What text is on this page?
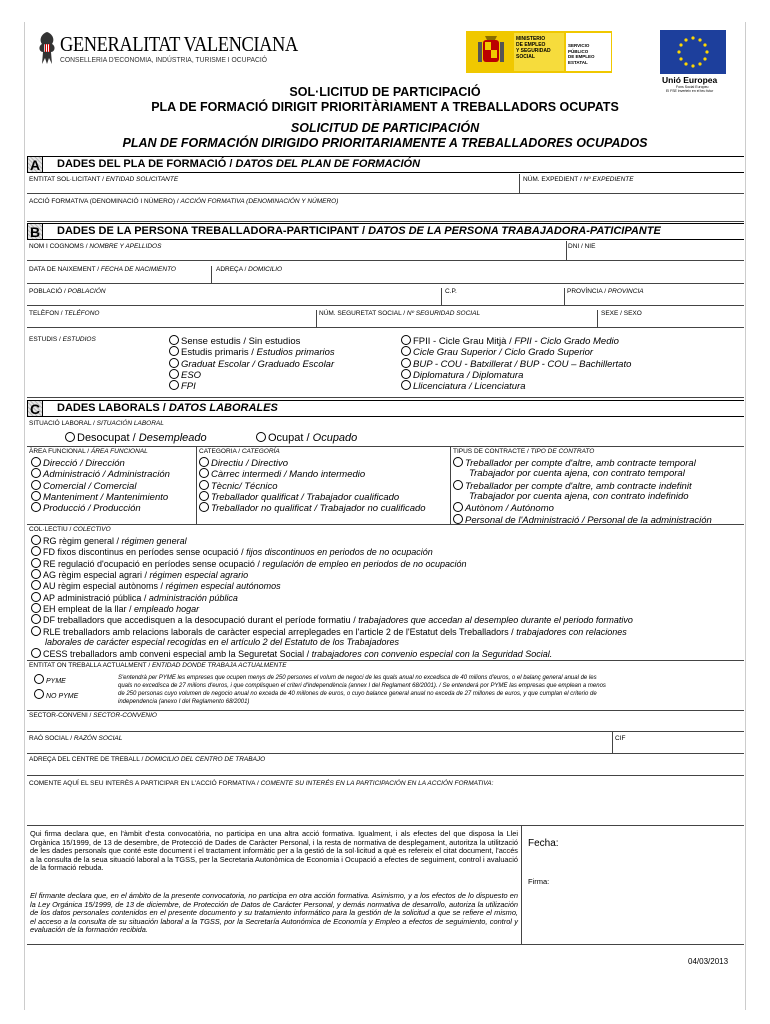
GENERALITAT VALENCIANA
CONSELLERIA D'ECONOMIA, INDÚSTRIA, TURISME I OCUPACIÓ
MINISTERIO
DE EMPLEO
Y SEGURIDAD SOCIAL
SERVICIO PÚBLICO
DE EMPLEO ESTATAL
Unió Europea
Fons Social Europeu
El FSE inverteix en el teu futur
SOL·LICITUD DE PARTICIPACIÓ
PLA DE FORMACIÓ DIRIGIT PRIORITÀRIAMENT A TREBALLADORS OCUPATS
SOLICITUD DE PARTICIPACIÓN
PLAN DE FORMACIÓN DIRIGIDO PRIORITARIAMENTE A TREBALLADORES OCUPADOS
A DADES DEL PLA DE FORMACIÓ / DATOS DEL PLAN DE FORMACIÓN
ENTITAT SOL·LICITANT / ENTIDAD SOLICITANTE	NÚM. EXPEDIENT / Nº EXPEDIENTE
ACCIÓ FORMATIVA (DENOMINACIÓ I NÚMERO) / ACCIÓN FORMATIVA (DENOMINACIÓN Y NÚMERO)
B DADES DE LA PERSONA TREBALLADORA-PARTICIPANT / DATOS DE LA PERSONA TRABAJADORA-PATICIPANTE
NOM I COGNOMS / NOMBRE Y APELLIDOS	DNI / NIE
DATA DE NAIXEMENT / FECHA DE NACIMIENTO	ADREÇA / DOMICILIO
POBLACIÓ / POBLACIÓN	C.P.	PROVÍNCIA / PROVINCIA
TELÈFON / TELÉFONO	NÚM. SEGURETAT SOCIAL / Nº SEGURIDAD SOCIAL	SEXE / SEXO
ESTUDIS / ESTUDIOS	Sense estudis / Sin estudios
Estudis primaris / Estudios primarios
Graduat Escolar / Graduado Escolar
ESO
FPI
FPII - Cicle Grau Mitjà / FPII - Ciclo Grado Medio
Cicle Grau Superior / Ciclo Grado Superior
BUP - COU - Batxillerat / BUP - COU – Bachillertato
Diplomatura / Diplomatura
Llicenciatura / Licenciatura
C DADES LABORALS / DATOS LABORALES
SITUACIÓ LABORAL / SITUACIÓN LABORAL
Desocupat / Desempleado	Ocupat / Ocupado
ÀREA FUNCIONAL / ÁREA FUNCIONAL	CATEGORIA / CATEGORÍA	TIPUS DE CONTRACTE / TIPO DE CONTRATO
Direcció / Dirección
Administració / Administración
Comercial / Comercial
Manteniment / Mantenimiento
Producció / Producción
Directiu / Directivo
Càrrec intermedi / Mando intermedio
Tècnic/ Técnico
Treballador qualificat / Trabajador cualificado
Treballador no qualificat / Trabajador no cualificado
Treballador per compte d'altre, amb contracte temporal
Trabajador por cuenta ajena, con contrato temporal
Treballador per compte d'altre, amb contracte indefinit
Trabajador por cuenta ajena, con contrato indefinido
Autònom / Autónomo
Personal de l'Administració / Personal de la administración
COL·LECTIU / COLECTIVO
RG règim general / régimen general
FD fixos discontinus en períodes sense ocupació / fijos discontinuos en periodos de no ocupación
RE regulació d'ocupació en períodes sense ocupació / regulación de empleo en periodos de no ocupación
AG règim especial agrari / régimen especial agrario
AU règim especial autònoms / régimen especial autónomos
AP administració pública / administración pública
EH empleat de la llar / empleado hogar
DF treballadors que accedisquen a la desocupació durant el període formatiu / trabajadores que accedan al desempleo durante el periodo formativo
RLE treballadors amb relacions laborals de caràcter especial arreplegades en l'article 2 de l'Estatut dels Treballadors / trabajadores con relaciones
laborales de carácter especial recogidas en el artículo 2 del Estatuto de los Trabajadores
CESS treballadors amb conveni especial amb la Seguretat Social / trabajadores con convenio especial con la Seguridad Social.
ENTITAT ON TREBALLA ACTUALMENT / ENTIDAD DONDE TRABAJA ACTUALMENTE
PYME
NO PYME
S'entendrà per PYME les empreses que ocupen menys de 250 persones el volum de negoci de les quals anual no excedisca de 40 milions d'euros, o el balanç general anual de les
quals no excedisca de 27 milions d'euros, i que complisquen el criteri d'independència (annex I del Reglament 68/2001). / Se entenderá por PYME las empresas que emplean a menos
de 250 personas cuyo volumen de negocio anual no exceda de 40 millones de euros, o cuyo balance general anual no exceda de 27 millones de euros, y que cumplan el criterio de
independencia (anexo I del Reglamento 68/2001)
SECTOR-CONVENI / SECTOR-CONVENIO
RAÓ SOCIAL / RAZÓN SOCIAL	CIF
ADREÇA DEL CENTRE DE TREBALL / DOMICILIO DEL CENTRO DE TRABAJO
COMENTE AQUÍ EL SEU INTERÈS A PARTICIPAR EN L'ACCIÓ FORMATIVA / COMENTE SU INTERÉS EN LA PARTICIPACIÓN EN LA ACCIÓN FORMATIVA:
Qui firma declara que, en l'àmbit d'esta convocatòria, no participa en una altra acció formativa. Igualment, i als efectes del que disposa la Llei Orgànica 15/1999, de 13 de desembre, de Protecció de Dades de Caràcter Personal, i la resta de normativa de desplegament, autoritza la utilització de les dades personals que conté este document i el tractament informàtic per a la gestió de la sol·licitud a què es refereix el citat document, l'accés a la consulta de la seua situació laboral a la TGSS, per la Secretaria Autonòmica de Economia i Ocupació a efectes de seguiment, control i avaluació de la formació rebuda.
El firmante declara que, en el ámbito de la presente convocatoria, no participa en otra acción formativa. Asimismo, y a los efectos de lo dispuesto en la Ley Orgánica 15/1999, de 13 de diciembre, de Protección de Datos de Carácter Personal, y demás normativa de desarrollo, autoriza la utilización de los datos personales contenidos en el presente documento y su tratamiento informático para la gestión de la solicitud a que se refiere el mismo, el acceso a la consulta de su situación laboral a la TGSS, por la Secretaría Autonómica de Economía y Empleo a efectos de seguimiento, control y evaluación de la formación recibida.
Fecha:
Firma:
04/03/2013
